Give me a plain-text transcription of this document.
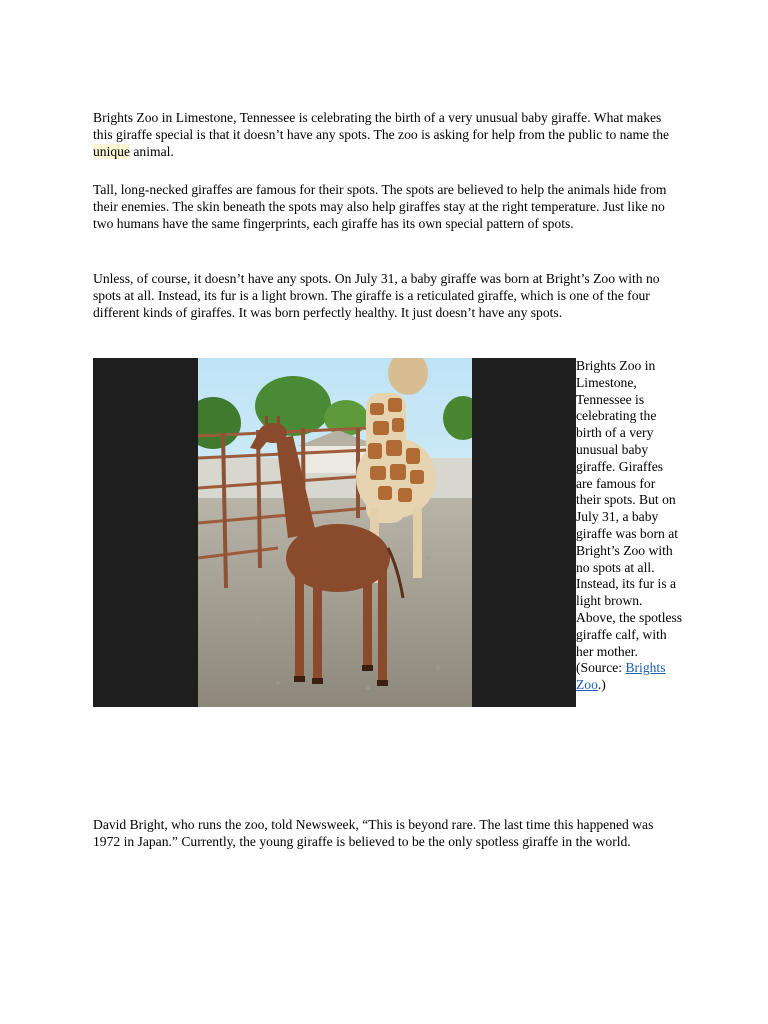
Brights Zoo in Limestone, Tennessee is celebrating the birth of a very unusual baby giraffe. What makes this giraffe special is that it doesn’t have any spots. The zoo is asking for help from the public to name the unique animal.

Tall, long-necked giraffes are famous for their spots. The spots are believed to help the animals hide from their enemies. The skin beneath the spots may also help giraffes stay at the right temperature. Just like no two humans have the same fingerprints, each giraffe has its own special pattern of spots.

Unless, of course, it doesn’t have any spots. On July 31, a baby giraffe was born at Bright’s Zoo with no spots at all. Instead, its fur is a light brown. The giraffe is a reticulated giraffe, which is one of the four different kinds of giraffes. It was born perfectly healthy. It just doesn’t have any spots.

Brights Zoo in Limestone, Tennessee is celebrating the birth of a very unusual baby giraffe. Giraffes are famous for their spots. But on July 31, a baby giraffe was born at Bright’s Zoo with no spots at all. Instead, its fur is a light brown. Above, the spotless giraffe calf, with her mother. (Source: Brights Zoo.)

David Bright, who runs the zoo, told Newsweek, “This is beyond rare. The last time this happened was 1972 in Japan.” Currently, the young giraffe is believed to be the only spotless giraffe in the world.
